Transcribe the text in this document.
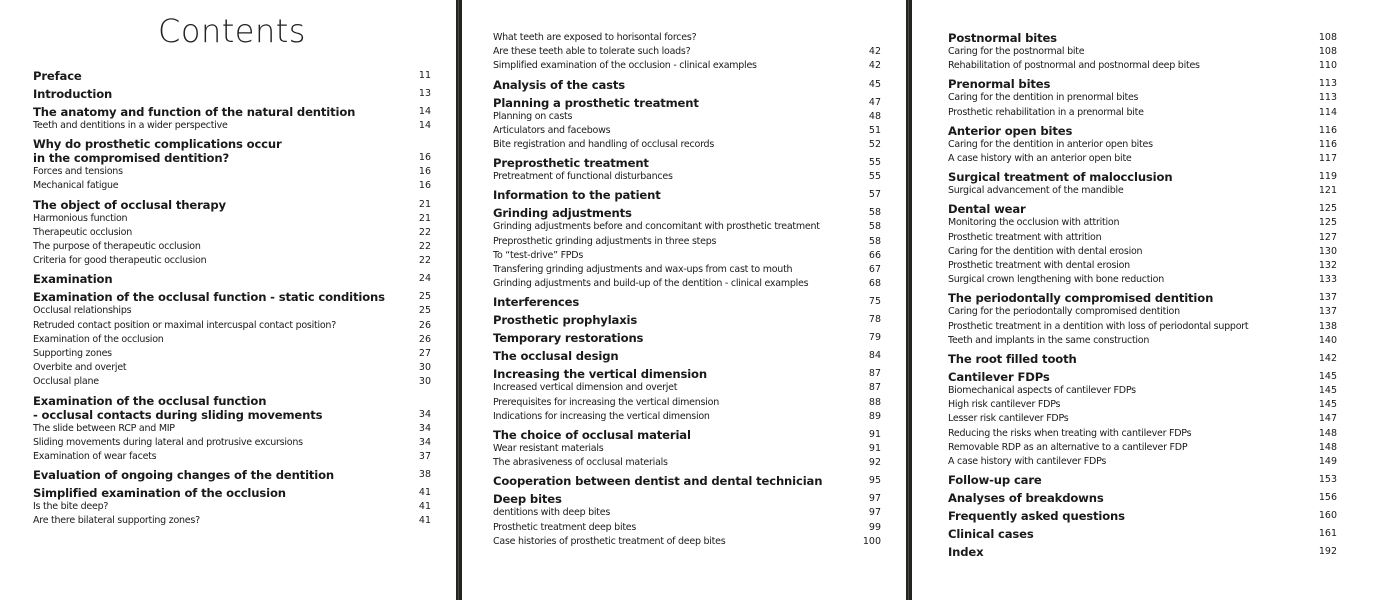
Contents
Preface	11
Introduction	13
The anatomy and function of the natural dentition	14
Teeth and dentitions in a wider perspective	14
Why do prosthetic complications occur
in the compromised dentition?	16
Forces and tensions	16
Mechanical fatigue	16
The object of occlusal therapy	21
Harmonious function	21
Therapeutic occlusion	22
The purpose of therapeutic occlusion	22
Criteria for good therapeutic occlusion	22
Examination	24
Examination of the occlusal function - static conditions	25
Occlusal relationships	25
Retruded contact position or maximal intercuspal contact position?	26
Examination of the occlusion	26
Supporting zones	27
Overbite and overjet	30
Occlusal plane	30
Examination of the occlusal function
- occlusal contacts during sliding movements	34
The slide between RCP and MIP	34
Sliding movements during lateral and protrusive excursions	34
Examination of wear facets	37
Evaluation of ongoing changes of the dentition	38
Simplified examination of the occlusion	41
Is the bite deep?	41
Are there bilateral supporting zones?	41
What teeth are exposed to horisontal forces?
Are these teeth able to tolerate such loads?	42
Simplified examination of the occlusion - clinical examples	42
Analysis of the casts	45
Planning a prosthetic treatment	47
Planning on casts	48
Articulators and facebows	51
Bite registration and handling of occlusal records	52
Preprosthetic treatment	55
Pretreatment of functional disturbances	55
Information to the patient	57
Grinding adjustments	58
Grinding adjustments before and concomitant with prosthetic treatment	58
Preprosthetic grinding adjustments in three steps	58
To “test-drive” FPDs	66
Transfering grinding adjustments and wax-ups from cast to mouth	67
Grinding adjustments and build-up of the dentition - clinical examples	68
Interferences	75
Prosthetic prophylaxis	78
Temporary restorations	79
The occlusal design	84
Increasing the vertical dimension	87
Increased vertical dimension and overjet	87
Prerequisites for increasing the vertical dimension	88
Indications for increasing the vertical dimension	89
The choice of occlusal material	91
Wear resistant materials	91
The abrasiveness of occlusal materials	92
Cooperation between dentist and dental technician	95
Deep bites	97
dentitions with deep bites	97
Prosthetic treatment deep bites	99
Case histories of prosthetic treatment of deep bites	100
Postnormal bites	108
Caring for the postnormal bite	108
Rehabilitation of postnormal and postnormal deep bites	110
Prenormal bites	113
Caring for the dentition in prenormal bites	113
Prosthetic rehabilitation in a prenormal bite	114
Anterior open bites	116
Caring for the dentition in anterior open bites	116
A case history with an anterior open bite	117
Surgical treatment of malocclusion	119
Surgical advancement of the mandible	121
Dental wear	125
Monitoring the occlusion with attrition	125
Prosthetic treatment with attrition	127
Caring for the dentition with dental erosion	130
Prosthetic treatment with dental erosion	132
Surgical crown lengthening with bone reduction	133
The periodontally compromised dentition	137
Caring for the periodontally compromised dentition	137
Prosthetic treatment in a dentition with loss of periodontal support	138
Teeth and implants in the same construction	140
The root filled tooth	142
Cantilever FDPs	145
Biomechanical aspects of cantilever FDPs	145
High risk cantilever FDPs	145
Lesser risk cantilever FDPs	147
Reducing the risks when treating with cantilever FDPs	148
Removable RDP as an alternative to a cantilever FDP	148
A case history with cantilever FDPs	149
Follow-up care	153
Analyses of breakdowns	156
Frequently asked questions	160
Clinical cases	161
Index	192
